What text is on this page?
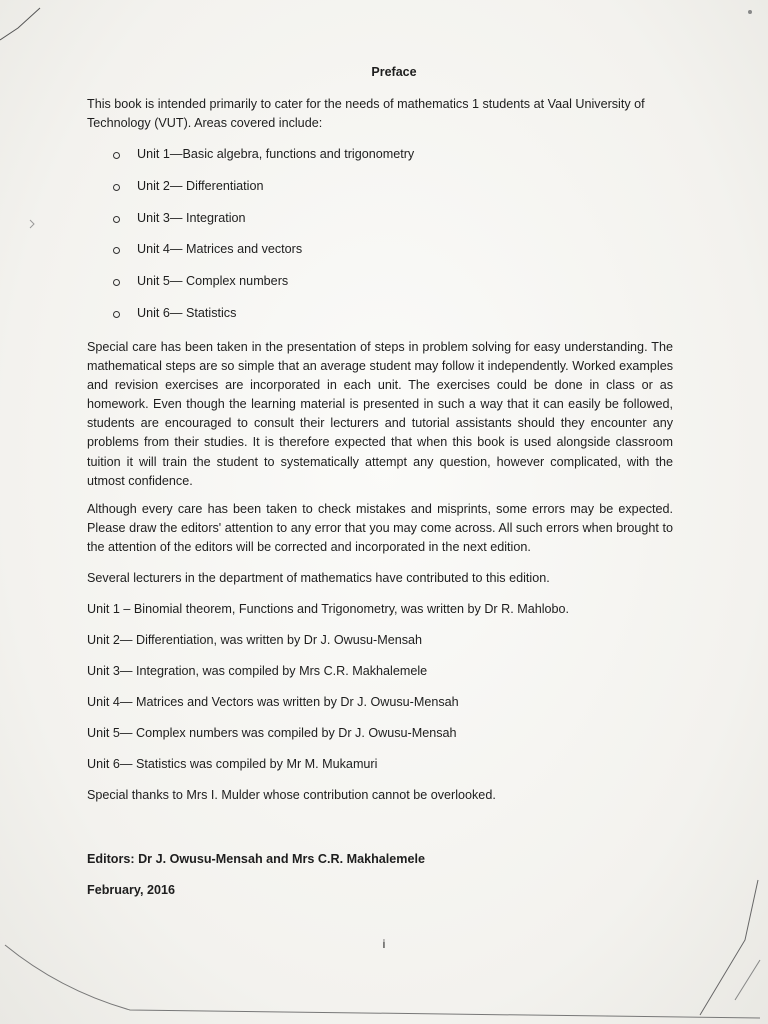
Preface
This book is intended primarily to cater for the needs of mathematics 1 students at Vaal University of Technology (VUT). Areas covered include:
Unit 1—Basic algebra, functions and trigonometry
Unit 2— Differentiation
Unit 3— Integration
Unit 4— Matrices and vectors
Unit 5— Complex numbers
Unit 6— Statistics
Special care has been taken in the presentation of steps in problem solving for easy understanding. The mathematical steps are so simple that an average student may follow it independently. Worked examples and revision exercises are incorporated in each unit. The exercises could be done in class or as homework. Even though the learning material is presented in such a way that it can easily be followed, students are encouraged to consult their lecturers and tutorial assistants should they encounter any problems from their studies. It is therefore expected that when this book is used alongside classroom tuition it will train the student to systematically attempt any question, however complicated, with the utmost confidence.
Although every care has been taken to check mistakes and misprints, some errors may be expected. Please draw the editors' attention to any error that you may come across. All such errors when brought to the attention of the editors will be corrected and incorporated in the next edition.
Several lecturers in the department of mathematics have contributed to this edition.
Unit 1 – Binomial theorem, Functions and Trigonometry, was written by Dr R. Mahlobo.
Unit 2— Differentiation, was written by Dr J. Owusu-Mensah
Unit 3— Integration, was compiled by Mrs C.R. Makhalemele
Unit 4— Matrices and Vectors was written by Dr J. Owusu-Mensah
Unit 5— Complex numbers was compiled by Dr J. Owusu-Mensah
Unit 6— Statistics was compiled by Mr M. Mukamuri
Special thanks to Mrs I. Mulder whose contribution cannot be overlooked.
Editors: Dr J. Owusu-Mensah and Mrs C.R. Makhalemele
February, 2016
i
